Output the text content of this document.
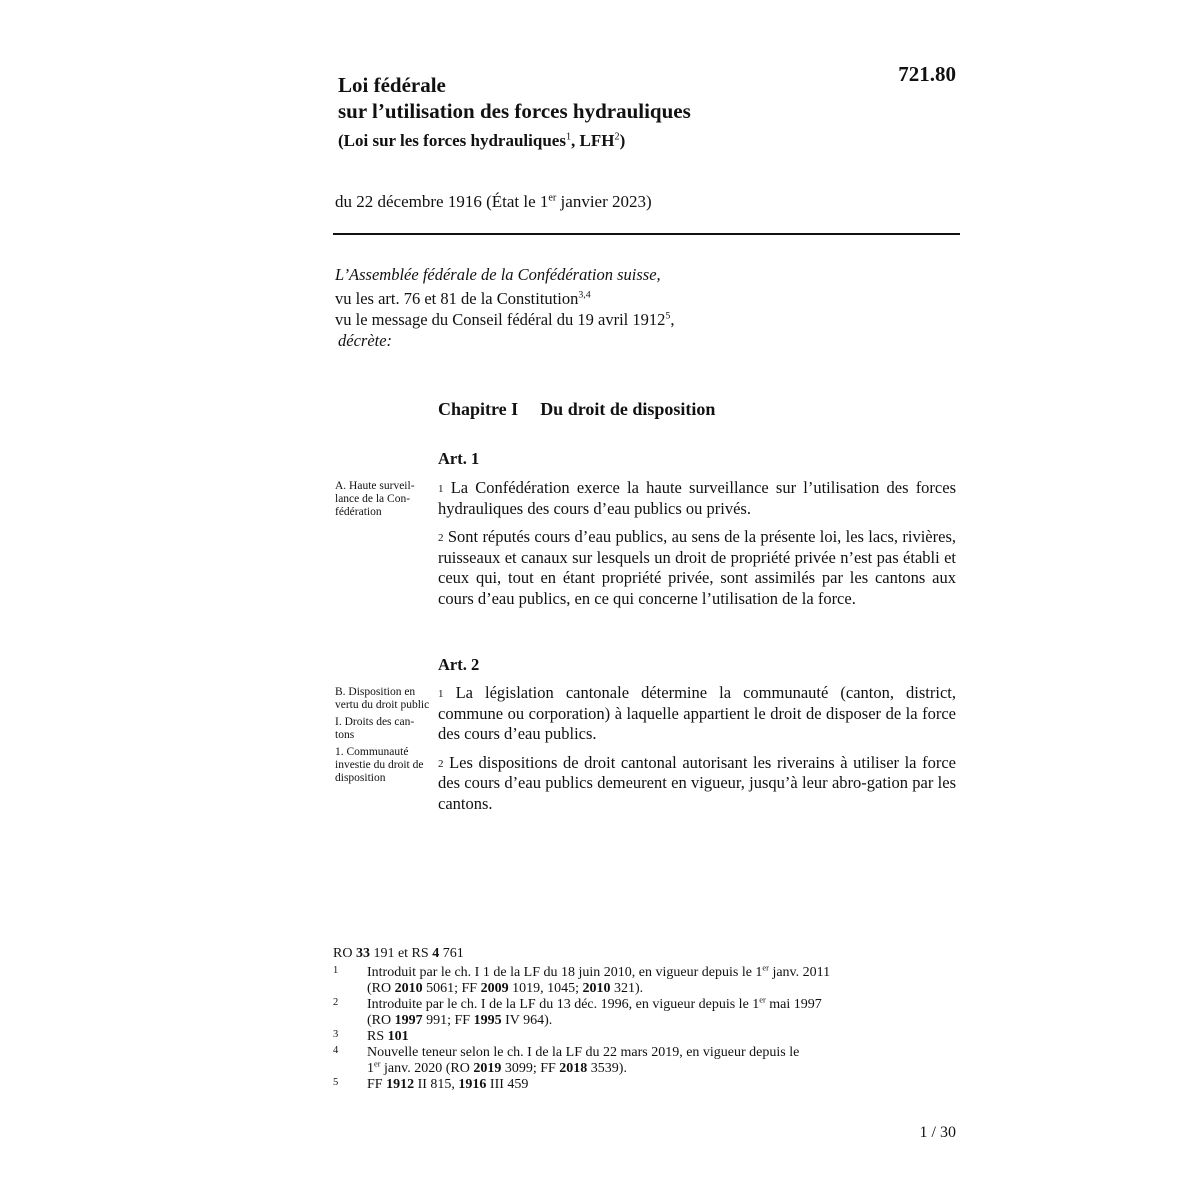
Loi fédérale
sur l’utilisation des forces hydrauliques
(Loi sur les forces hydrauliques$^1$, LFH$^2$)
721.80
du 22 décembre 1916 (État le 1er janvier 2023)
L’Assemblée fédérale de la Confédération suisse,
vu les art. 76 et 81 de la Constitution$^{3,4}$
vu le message du Conseil fédéral du 19 avril 1912$^5$,
décrète:
Chapitre I Du droit de disposition
Art. 1
A. Haute surveil-lance de la Con-fédération

$^1$ La Confédération exerce la haute surveillance sur l’utilisation des forces hydrauliques des cours d’eau publics ou privés.

$^2$ Sont réputés cours d’eau publics, au sens de la présente loi, les lacs, rivières, ruisseaux et canaux sur lesquels un droit de propriété privée n’est pas établi et ceux qui, tout en étant propriété privée, sont assimilés par les cantons aux cours d’eau publics, en ce qui concerne l’utilisation de la force.

Art. 2
B. Disposition en vertu du droit public
I. Droits des can-tons
1. Communauté investie du droit de disposition

$^1$ La législation cantonale détermine la communauté (canton, district, commune ou corporation) à laquelle appartient le droit de disposer de la force des cours d’eau publics.

$^2$ Les dispositions de droit cantonal autorisant les riverains à utiliser la force des cours d’eau publics demeurent en vigueur, jusqu’à leur abro-gation par les cantons.

RO 33 191 et RS 4 761
1	Introduit par le ch. I 1 de la LF du 18 juin 2010, en vigueur depuis le 1er janv. 2011
(RO 2010 5061; FF 2009 1019, 1045; 2010 321).
2	Introduite par le ch. I de la LF du 13 déc. 1996, en vigueur depuis le 1er mai 1997
(RO 1997 991; FF 1995 IV 964).
3	RS 101
4	Nouvelle teneur selon le ch. I de la LF du 22 mars 2019, en vigueur depuis le
1er janv. 2020 (RO 2019 3099; FF 2018 3539).
5	FF 1912 II 815, 1916 III 459
1 / 30
